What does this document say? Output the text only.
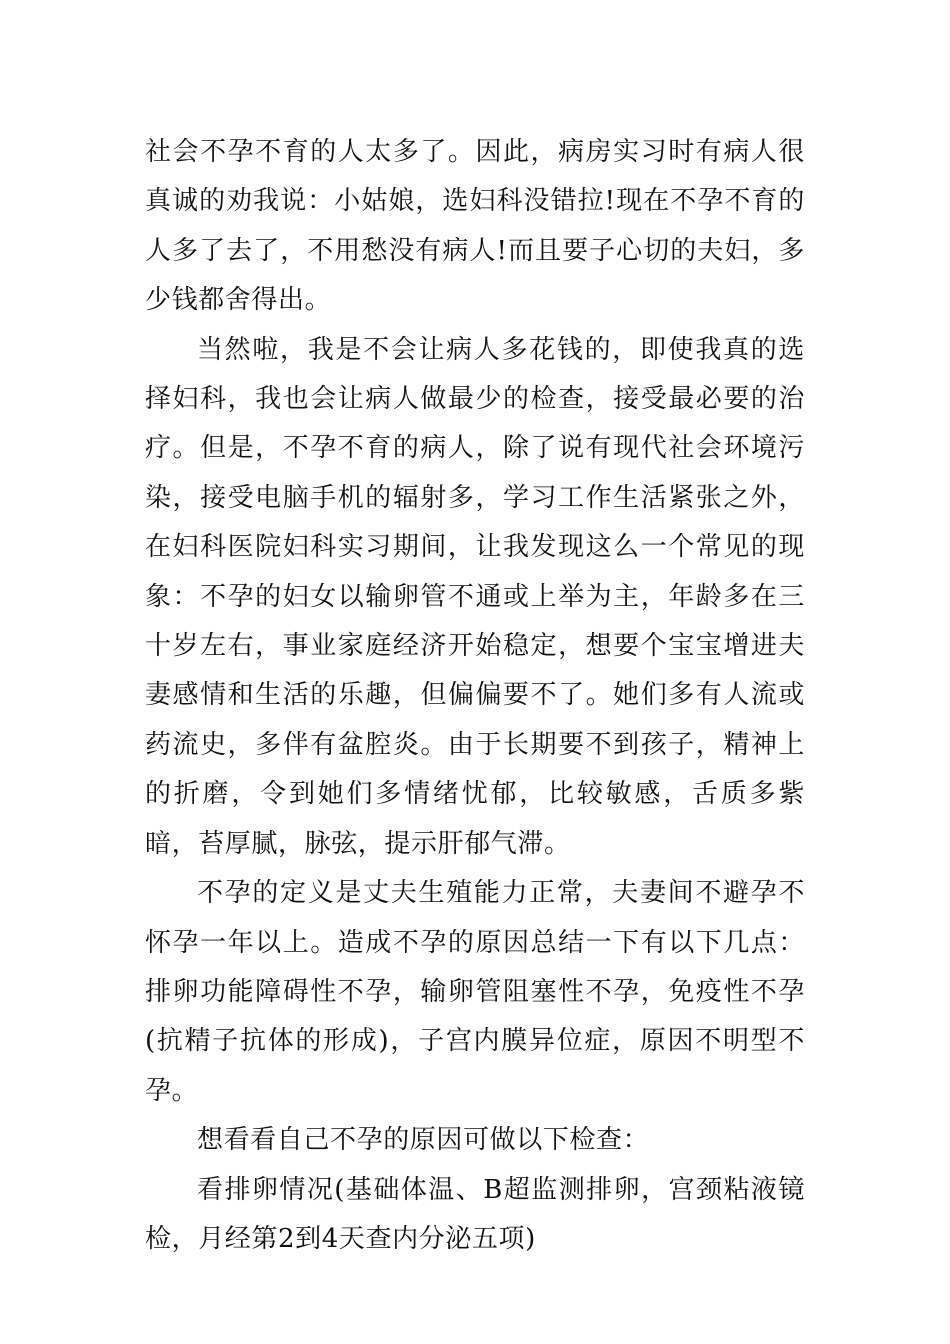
社会不孕不育的人太多了。因此，病房实习时有病人很真诚的劝我说：小姑娘，选妇科没错拉!现在不孕不育的人多了去了，不用愁没有病人!而且要子心切的夫妇，多少钱都舍得出。

当然啦，我是不会让病人多花钱的，即使我真的选择妇科，我也会让病人做最少的检查，接受最必要的治疗。但是，不孕不育的病人，除了说有现代社会环境污染，接受电脑手机的辐射多，学习工作生活紧张之外，在妇科医院妇科实习期间，让我发现这么一个常见的现象：不孕的妇女以输卵管不通或上举为主，年龄多在三十岁左右，事业家庭经济开始稳定，想要个宝宝增进夫妻感情和生活的乐趣，但偏偏要不了。她们多有人流或药流史，多伴有盆腔炎。由于长期要不到孩子，精神上的折磨，令到她们多情绪忧郁，比较敏感，舌质多紫暗，苔厚腻，脉弦，提示肝郁气滞。

不孕的定义是丈夫生殖能力正常，夫妻间不避孕不怀孕一年以上。造成不孕的原因总结一下有以下几点：排卵功能障碍性不孕，输卵管阻塞性不孕，免疫性不孕(抗精子抗体的形成)，子宫内膜异位症，原因不明型不孕。

想看看自己不孕的原因可做以下检查：

看排卵情况(基础体温、B超监测排卵，宫颈粘液镜检，月经第2到4天查内分泌五项)
